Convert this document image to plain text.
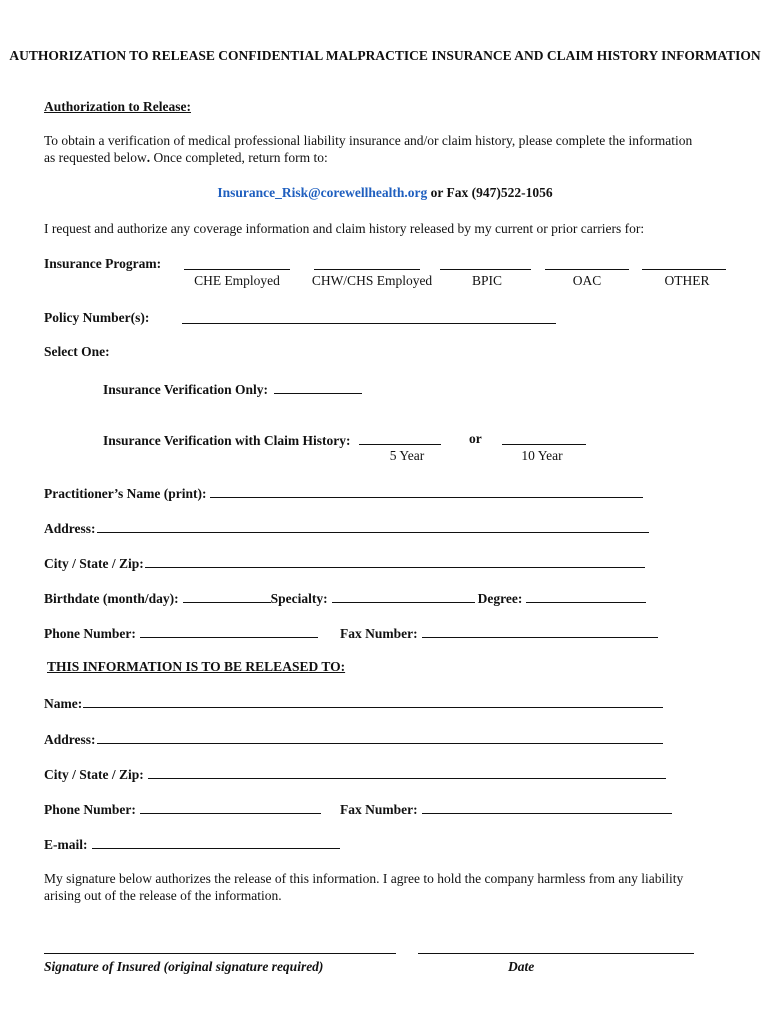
AUTHORIZATION TO RELEASE CONFIDENTIAL MALPRACTICE INSURANCE AND CLAIM HISTORY INFORMATION
Authorization to Release:
To obtain a verification of medical professional liability insurance and/or claim history, please complete the information
as requested below. Once completed, return form to:
Insurance_Risk@corewellhealth.org or Fax (947)522-1056
I request and authorize any coverage information and claim history released by my current or prior carriers for:
Insurance Program:
CHE Employed	CHW/CHS Employed	BPIC	OAC	OTHER
Policy Number(s):
Select One:
Insurance Verification Only:
Insurance Verification with Claim History:	or
5 Year	10 Year
Practitioner’s Name (print):
Address:
City / State / Zip:
Birthdate (month/day):	Specialty:	Degree:
Phone Number:	Fax Number:
THIS INFORMATION IS TO BE RELEASED TO:
Name:
Address:
City / State / Zip:
Phone Number:	Fax Number:
E-mail:
My signature below authorizes the release of this information. I agree to hold the company harmless from any liability
arising out of the release of the information.
Signature of Insured (original signature required)	Date
